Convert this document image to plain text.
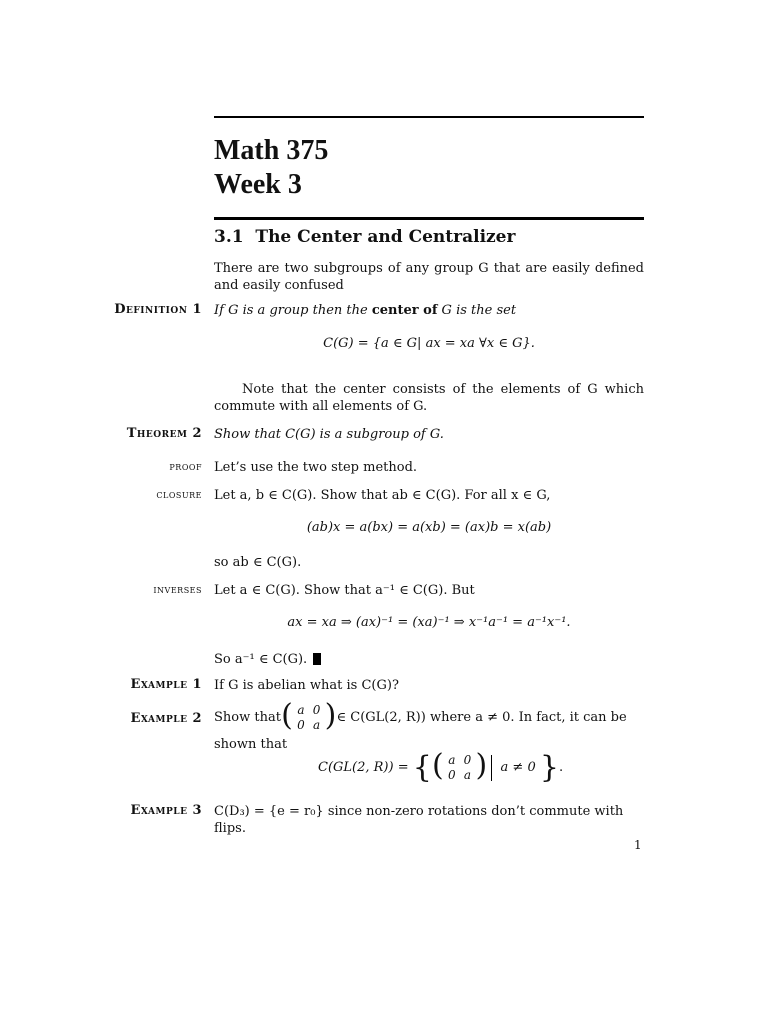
Math 375
Week 3
3.1  The Center and Centralizer
There are two subgroups of any group G that are easily defined and easily confused
Definition 1 If G is a group then the center of G is the set
C(G) = {a ∈ G| ax = xa ∀x ∈ G}.
Note that the center consists of the elements of G which commute with all elements of G.
Theorem 2 Show that C(G) is a subgroup of G.
proof Let’s use the two step method.
closure Let a, b ∈ C(G). Show that ab ∈ C(G). For all x ∈ G,
(ab)x = a(bx) = a(xb) = (ax)b = x(ab)
so ab ∈ C(G).
inverses Let a ∈ C(G). Show that a⁻¹ ∈ C(G). But
ax = xa ⇒ (ax)⁻¹ = (xa)⁻¹ ⇒ x⁻¹a⁻¹ = a⁻¹x⁻¹.
So a⁻¹ ∈ C(G).
Example 1 If G is abelian what is C(G)?
Example 2 Show that ( a	0
0	a ) ∈ C(GL(2, R)) where a ≠ 0. In fact, it can be
shown that
C(GL(2, R)) = { ( a	0
0	a ) a ≠ 0 }.
Example 3 C(D₃) = {e = r₀} since non-zero rotations don’t commute with flips.
1
